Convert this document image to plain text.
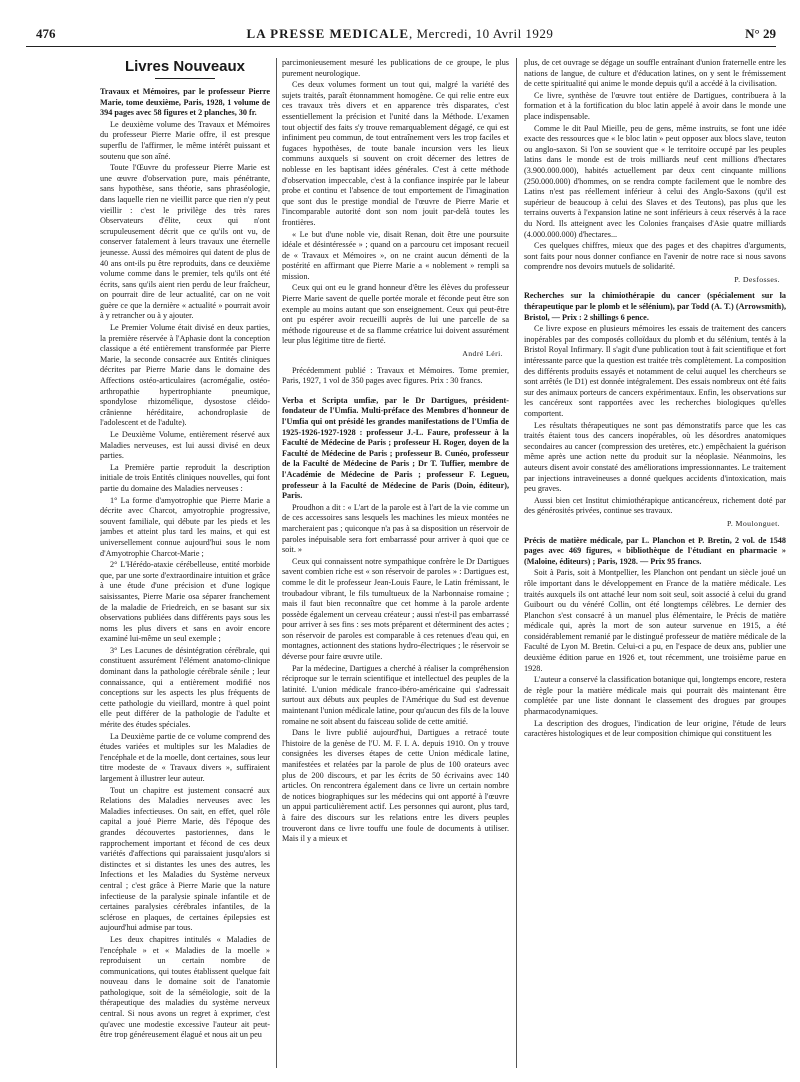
476	LA PRESSE MEDICALE, Mercredi, 10 Avril 1929	N° 29
Livres Nouveaux

Travaux et Mémoires, par le professeur Pierre Marie, tome deuxième, Paris, 1928, 1 volume de 394 pages avec 58 figures et 2 planches, 30 fr.

Le deuxième volume des Travaux et Mémoires du professeur Pierre Marie offre, il est presque superflu de l'affirmer, le même intérêt puissant et soutenu que son aîné.

Toute l'Œuvre du professeur Pierre Marie est une œuvre d'observation pure, mais pénétrante, sans hypothèse, sans théorie, sans phraséologie, dans laquelle rien ne vieillit parce que rien n'y peut vieillir : c'est le privilège des très rares Observateurs d'élite, ceux qui n'ont scrupuleusement décrit que ce qu'ils ont vu, de conserver fatalement à leurs travaux une éternelle jeunesse. Aussi des mémoires qui datent de plus de 40 ans ont-ils pu être reproduits, dans ce deuxième volume comme dans le premier, tels qu'ils ont été écrits, sans qu'ils aient rien perdu de leur fraîcheur, on pourrait dire de leur actualité, car on ne voit guère ce que la dernière « actualité » pourrait avoir à y retrancher ou à y ajouter.

Le Premier Volume était divisé en deux parties, la première réservée à l'Aphasie dont la conception classique a été entièrement transformée par Pierre Marie, la seconde consacrée aux Entités cliniques décrites par Pierre Marie dans le domaine des Affections ostéo-articulaires (acromégalie, ostéo-arthropathie hypertrophiante pneumique, spondylose rhizomélique, dysostose cléido-crânienne héréditaire, achondroplasie de l'adolescent et de l'adulte).

Le Deuxième Volume, entièrement réservé aux Maladies nerveuses, est lui aussi divisé en deux parties.

La Première partie reproduit la description initiale de trois Entités cliniques nouvelles, qui font partie du domaine des Maladies nerveuses :

1° La forme d'amyotrophie que Pierre Marie a décrite avec Charcot, amyotrophie progressive, souvent familiale, qui débute par les pieds et les jambes et atteint plus tard les mains, et qui est universellement connue aujourd'hui sous le nom d'Amyotrophie Charcot-Marie ;

2° L'Hérédo-ataxie cérébelleuse, entité morbide que, par une sorte d'extraordinaire intuition et grâce à une étude d'une précision et d'une logique saisissantes, Pierre Marie osa séparer franchement de la maladie de Friedreich, en se basant sur six observations publiées dans différents pays sous les noms les plus divers et sans en avoir encore examiné lui-même un seul exemple ;

3° Les Lacunes de désintégration cérébrale, qui constituent assurément l'élément anatomo-clinique dominant dans la pathologie cérébrale sénile ; leur connaissance, qui a entièrement modifié nos conceptions sur les aspects les plus fréquents de cette pathologie du vieillard, montre à quel point elle peut différer de la pathologie de l'adulte et mérite des études spéciales.

La Deuxième partie de ce volume comprend des études variées et multiples sur les Maladies de l'encéphale et de la moelle, dont certaines, sous leur titre modeste de « Travaux divers », suffiraient largement à illustrer leur auteur.

Tout un chapitre est justement consacré aux Relations des Maladies nerveuses avec les Maladies infectieuses. On sait, en effet, quel rôle capital a joué Pierre Marie, dès l'époque des grandes découvertes pastoriennes, dans le rapprochement important et fécond de ces deux variétés d'affections qui paraissaient jusqu'alors si distinctes et si distantes les unes des autres, les Infections et les Maladies du Système nerveux central ; c'est grâce à Pierre Marie que la nature infectieuse de la paralysie spinale infantile et de certaines paralysies cérébrales infantiles, de la sclérose en plaques, de certaines épilepsies est aujourd'hui admise par tous.

Les deux chapitres intitulés « Maladies de l'encéphale » et « Maladies de la moelle » reproduisent un certain nombre de communications, qui toutes établissent quelque fait nouveau dans le domaine soit de l'anatomie pathologique, soit de la séméiologie, soit de la thérapeutique des maladies du système nerveux central. Si nous avons un regret à exprimer, c'est qu'avec une modestie excessive l'auteur ait peut-être trop généreusement élagué et nous ait un peu

parcimonieusement mesuré les publications de ce groupe, le plus purement neurologique.

Ces deux volumes forment un tout qui, malgré la variété des sujets traités, paraît étonnamment homogène. Ce qui relie entre eux ces travaux très divers et en apparence très disparates, c'est essentiellement la précision et l'unité dans la Méthode. L'examen tout objectif des faits s'y trouve remarquablement dégagé, ce qui est infiniment peu commun, de tout entraînement vers les trop faciles et fugaces hypothèses, de toute banale incursion vers les lieux communs auxquels si souvent on croit décerner des lettres de noblesse en les baptisant idées générales. C'est à cette méthode d'observation impeccable, c'est à la confiance inspirée par le labeur probe et continu et l'absence de tout emportement de l'imagination que sont dus le prestige mondial de l'œuvre de Pierre Marie et l'incomparable autorité dont son nom jouit par-delà toutes les frontières.

« Le but d'une noble vie, disait Renan, doit être une poursuite idéale et désintéressée » ; quand on a parcouru cet imposant recueil de « Travaux et Mémoires », on ne craint aucun démenti de la postérité en affirmant que Pierre Marie a « noblement » rempli sa mission.

Ceux qui ont eu le grand honneur d'être les élèves du professeur Pierre Marie savent de quelle portée morale et féconde peut être son exemple au moins autant que son enseignement. Ceux qui peut-être ont pu espérer avoir recueilli auprès de lui une parcelle de sa méthode rigoureuse et de sa flamme créatrice lui doivent assurément leur plus légitime titre de fierté.

André Léri.

Précédemment publié : Travaux et Mémoires. Tome premier, Paris, 1927, 1 vol de 350 pages avec figures. Prix : 30 francs.

Verba et Scripta umfiæ, par le Dr Dartigues, président-fondateur de l'Umfia. Multi-préface des Membres d'honneur de l'Umfia qui ont présidé les grandes manifestations de l'Umfia de 1925-1926-1927-1928 : professeur J.-L. Faure, professeur à la Faculté de Médecine de Paris ; professeur H. Roger, doyen de la Faculté de Médecine de Paris ; professeur B. Cunéo, professeur de la Faculté de Médecine de Paris ; Dr T. Tuffier, membre de l'Académie de Médecine de Paris ; professeur F. Legueu, professeur à la Faculté de Médecine de Paris (Doin, éditeur), Paris.

Proudhon a dit : « L'art de la parole est à l'art de la vie comme un de ces accessoires sans lesquels les machines les mieux montées ne marcheraient pas ; quiconque n'a pas à sa disposition un réservoir de paroles inépuisable sera fort embarrassé pour arriver à quoi que ce soit. »

Ceux qui connaissent notre sympathique confrère le Dr Dartigues savent combien riche est « son réservoir de paroles » : Dartigues est, comme le dit le professeur Jean-Louis Faure, le Latin frémissant, le troubadour vibrant, le fils tumultueux de la Narbonnaise romaine ; mais il faut bien reconnaître que cet homme à la parole ardente possède également un cerveau créateur ; aussi n'est-il pas embarrassé pour arriver à ses fins : ses mots préparent et déterminent des actes ; son réservoir de paroles est comparable à ces retenues d'eau qui, en montagnes, actionnent des stations hydro-électriques ; le réservoir se déverse pour faire œuvre utile.

Par la médecine, Dartigues a cherché à réaliser la compréhension réciproque sur le terrain scientifique et intellectuel des peuples de la latinité. L'union médicale franco-ibéro-américaine qui s'adressait surtout aux débuts aux peuples de l'Amérique du Sud est devenue maintenant l'union médicale latine, pour qu'aucun des fils de la louve romaine ne soit absent du faisceau solide de cette amitié.

Dans le livre publié aujourd'hui, Dartigues a retracé toute l'histoire de la genèse de l'U. M. F. I. A. depuis 1910. On y trouve consignées les diverses étapes de cette Union médicale latine, manifestées et relatées par la parole de plus de 100 orateurs avec plus de 200 discours, et par les écrits de 50 écrivains avec 140 articles. On rencontrera également dans ce livre un certain nombre de notices biographiques sur les médecins qui ont apporté à l'œuvre un appui particulièrement actif. Les personnes qui auront, plus tard, à faire des discours sur les relations entre les divers peuples trouveront dans ce livre touffu une foule de documents à utiliser. Mais il y a mieux et

plus, de cet ouvrage se dégage un souffle entraînant d'union fraternelle entre les nations de langue, de culture et d'éducation latines, on y sent le frémissement de cette spiritualité qui anime le monde depuis qu'il a accédé à la civilisation.

Ce livre, synthèse de l'œuvre tout entière de Dartigues, contribuera à la formation et à la fortification du bloc latin appelé à avoir dans le monde une place indispensable.

Comme le dit Paul Mieille, peu de gens, même instruits, se font une idée exacte des ressources que « le bloc latin » peut opposer aux blocs slave, teuton ou anglo-saxon. Si l'on se souvient que « le territoire occupé par les peuples latins dans le monde est de trois milliards neuf cent millions d'hectares (3.900.000.000), habités actuellement par deux cent cinquante millions (250.000.000) d'hommes, on se rendra compte facilement que le nombre des Latins n'est pas réellement inférieur à celui des Anglo-Saxons (qu'il est supérieur de beaucoup à celui des Slaves et des Teutons), pas plus que les terrains ouverts à l'expansion latine ne sont inférieurs à ceux réservés à la race du Nord. Ils atteignent avec les Colonies françaises d'Asie quatre milliards (4.000.000.000) d'hectares...

Ces quelques chiffres, mieux que des pages et des chapitres d'arguments, sont faits pour nous donner confiance en l'avenir de notre race si nous savons comprendre nos devoirs mutuels de solidarité.

P. Desfosses.

Recherches sur la chimiothérapie du cancer (spécialement sur la thérapeutique par le plomb et le sélénium), par Todd (A. T.) (Arrowsmith), Bristol, — Prix : 2 shillings 6 pence.

Ce livre expose en plusieurs mémoires les essais de traitement des cancers inopérables par des composés colloïdaux du plomb et du sélénium, tentés à la Bristol Royal Infirmary. Il s'agit d'une publication tout à fait scientifique et fort intéressante parce que la question est traitée très complètement. La composition des différents produits essayés et notamment de celui auquel les chercheurs se sont arrêtés (le D1) est donnée intégralement. Des essais nombreux ont été faits sur des animaux porteurs de cancers expérimentaux. Enfin, les observations sur les cancéreux sont rapportées avec les recherches biologiques qu'elles comportent.

Les résultats thérapeutiques ne sont pas démonstratifs parce que les cas traités étaient tous des cancers inopérables, où les désordres anatomiques secondaires au cancer (compression des uretères, etc.) empêchaient la guérison même après une action nette du produit sur la néoplasie. Néanmoins, les auteurs disent avoir constaté des améliorations impressionnantes. Le traitement par injections intraveineuses a donné quelques accidents d'intoxication, mais peu graves.

Aussi bien cet Institut chimiothérapique anticancéreux, richement doté par des générosités privées, continue ses travaux.

P. Moulonguet.

Précis de matière médicale, par L. Planchon et P. Bretin, 2 vol. de 1548 pages avec 469 figures, « bibliothèque de l'étudiant en pharmacie » (Maloine, éditeurs) ; Paris, 1928. — Prix 95 francs.

Soit à Paris, soit à Montpellier, les Planchon ont pendant un siècle joué un rôle important dans le développement en France de la matière médicale. Les traités auxquels ils ont attaché leur nom soit seul, soit associé à celui du grand Guibourt ou du vénéré Collin, ont été longtemps célèbres. Le dernier des Planchon s'est consacré à un manuel plus élémentaire, le Précis de matière médicale qui, après la mort de son auteur survenue en 1915, a été considérablement remanié par le distingué professeur de matière médicale de la Faculté de Lyon M. Bretin. Celui-ci a pu, en l'espace de deux ans, publier une deuxième édition parue en 1926 et, tout récemment, une troisième parue en 1928.

L'auteur a conservé la classification botanique qui, longtemps encore, restera de règle pour la matière médicale mais qui pourrait dès maintenant être complétée par une liste donnant le classement des drogues par groupes pharmacodynamiques.

La description des drogues, l'indication de leur origine, l'étude de leurs caractères histologiques et de leur composition chimique qui constituent les
